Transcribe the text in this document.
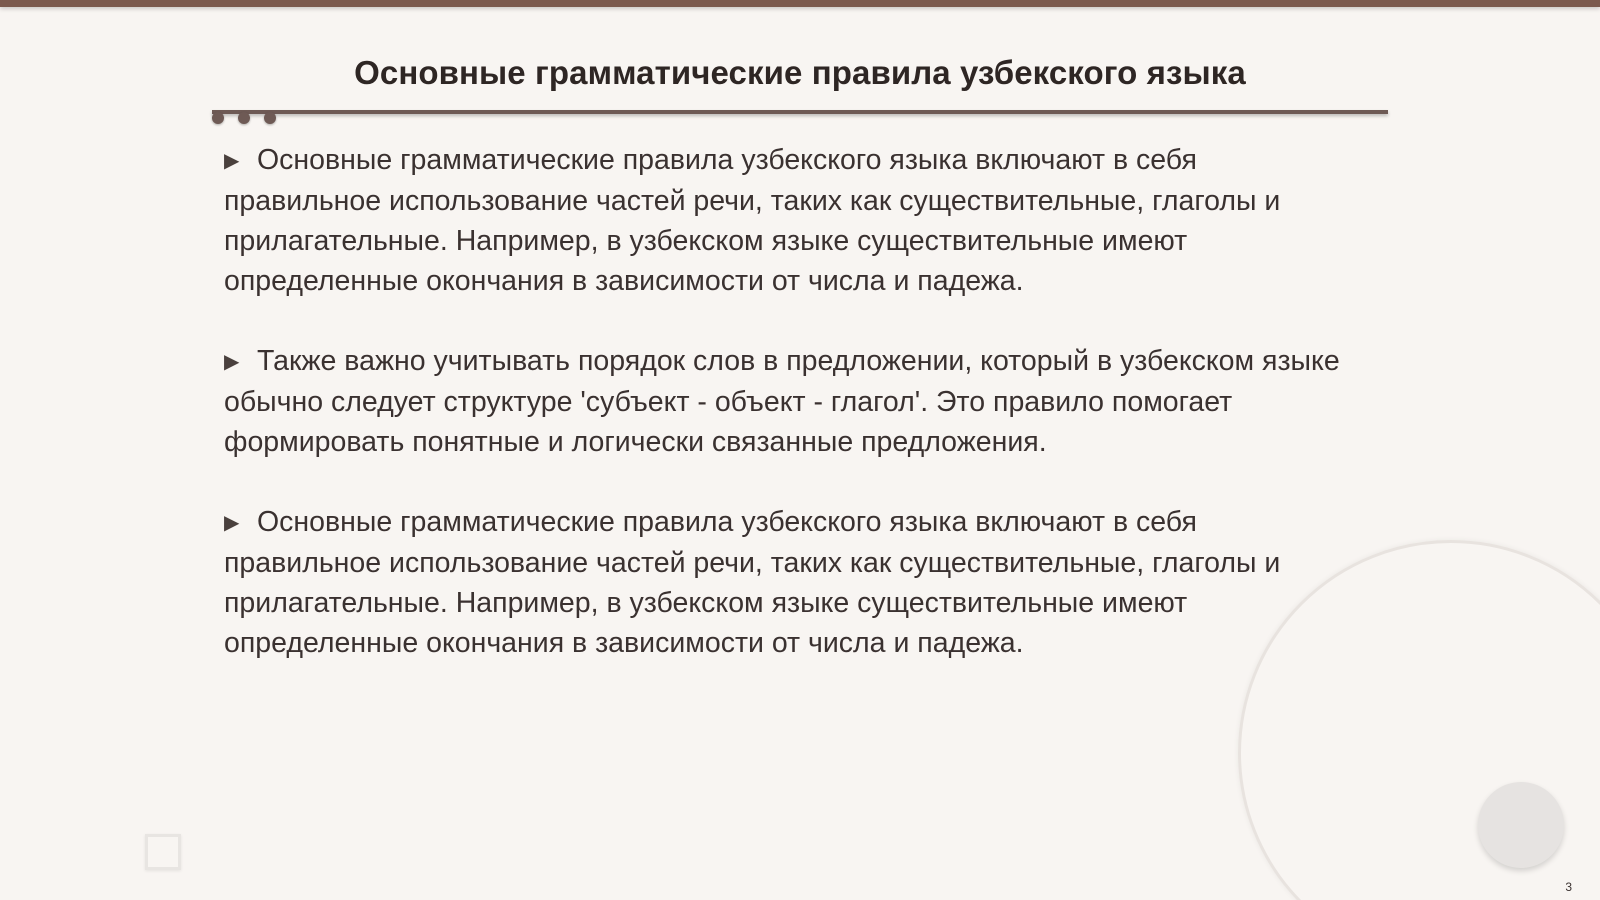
Основные грамматические правила узбекского языка

▶ Основные грамматические правила узбекского языка включают в себя правильное использование частей речи, таких как существительные, глаголы и прилагательные. Например, в узбекском языке существительные имеют определенные окончания в зависимости от числа и падежа.

▶ Также важно учитывать порядок слов в предложении, который в узбекском языке обычно следует структуре 'субъект - объект - глагол'. Это правило помогает формировать понятные и логически связанные предложения.

▶ Основные грамматические правила узбекского языка включают в себя правильное использование частей речи, таких как существительные, глаголы и прилагательные. Например, в узбекском языке существительные имеют определенные окончания в зависимости от числа и падежа.

3
